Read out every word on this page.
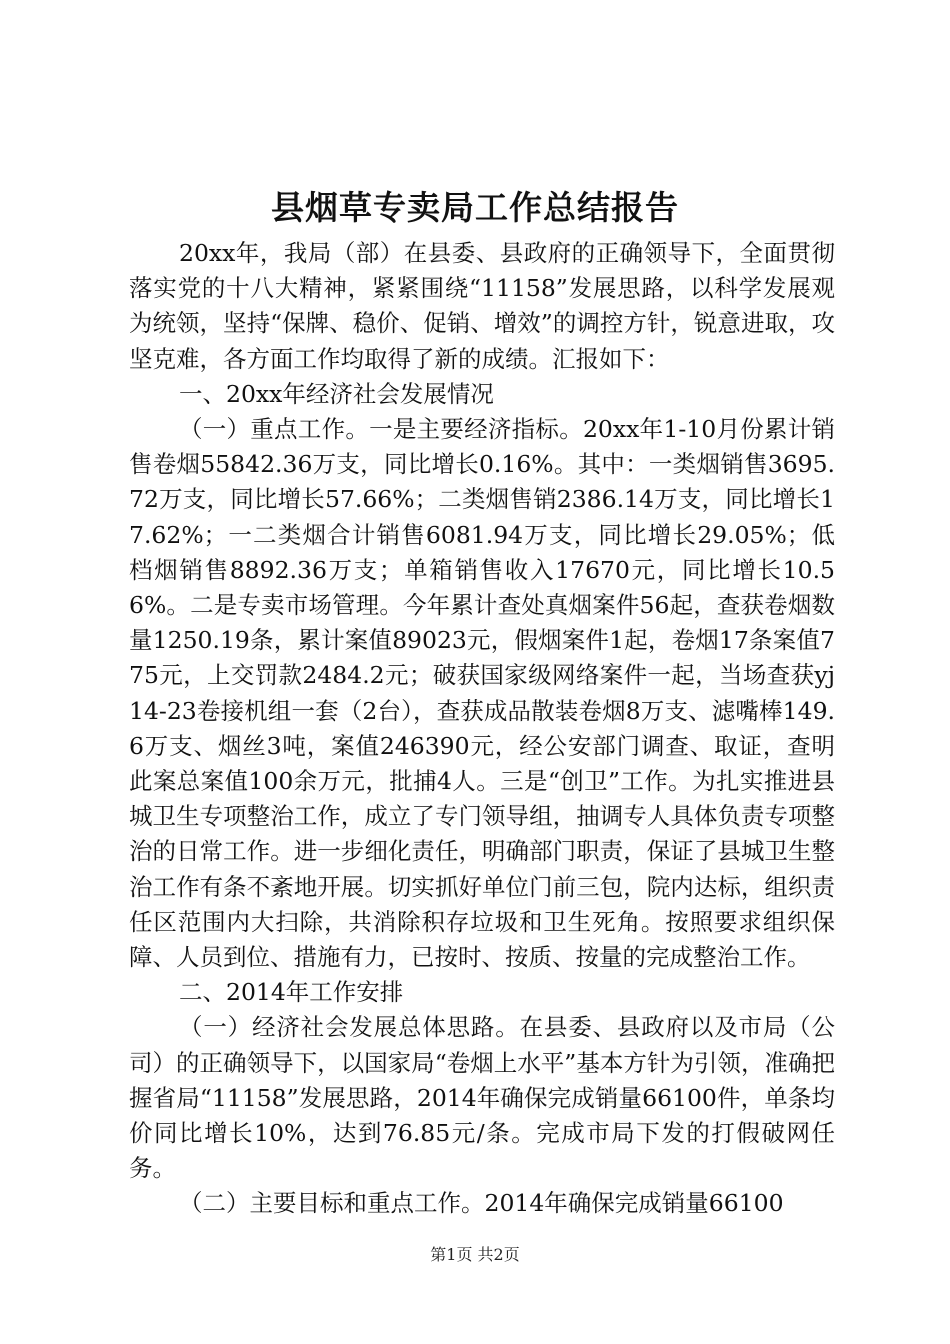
县烟草专卖局工作总结报告

20xx年，我局（部）在县委、县政府的正确领导下，全面贯彻落实党的十八大精神，紧紧围绕“11158”发展思路，以科学发展观为统领，坚持“保牌、稳价、促销、增效”的调控方针，锐意进取，攻坚克难，各方面工作均取得了新的成绩。汇报如下：

一、20xx年经济社会发展情况

（一）重点工作。一是主要经济指标。20xx年1-10月份累计销售卷烟55842.36万支，同比增长0.16%。其中：一类烟销售3695.72万支，同比增长57.66%；二类烟售销2386.14万支，同比增长17.62%；一二类烟合计销售6081.94万支，同比增长29.05%；低档烟销售8892.36万支；单箱销售收入17670元，同比增长10.56%。二是专卖市场管理。今年累计查处真烟案件56起，查获卷烟数量1250.19条，累计案值89023元，假烟案件1起，卷烟17条案值775元，上交罚款2484.2元；破获国家级网络案件一起，当场查获yj14-23卷接机组一套（2台），查获成品散装卷烟8万支、滤嘴棒149.6万支、烟丝3吨，案值246390元，经公安部门调查、取证，查明此案总案值100余万元，批捕4人。三是“创卫”工作。为扎实推进县城卫生专项整治工作，成立了专门领导组，抽调专人具体负责专项整治的日常工作。进一步细化责任，明确部门职责，保证了县城卫生整治工作有条不紊地开展。切实抓好单位门前三包，院内达标，组织责任区范围内大扫除，共消除积存垃圾和卫生死角。按照要求组织保障、人员到位、措施有力，已按时、按质、按量的完成整治工作。

二、2014年工作安排

（一）经济社会发展总体思路。在县委、县政府以及市局（公司）的正确领导下，以国家局“卷烟上水平”基本方针为引领，准确把握省局“11158”发展思路，2014年确保完成销量66100件，单条均价同比增长10%，达到76.85元/条。完成市局下发的打假破网任务。

（二）主要目标和重点工作。2014年确保完成销量66100

第1页 共2页
